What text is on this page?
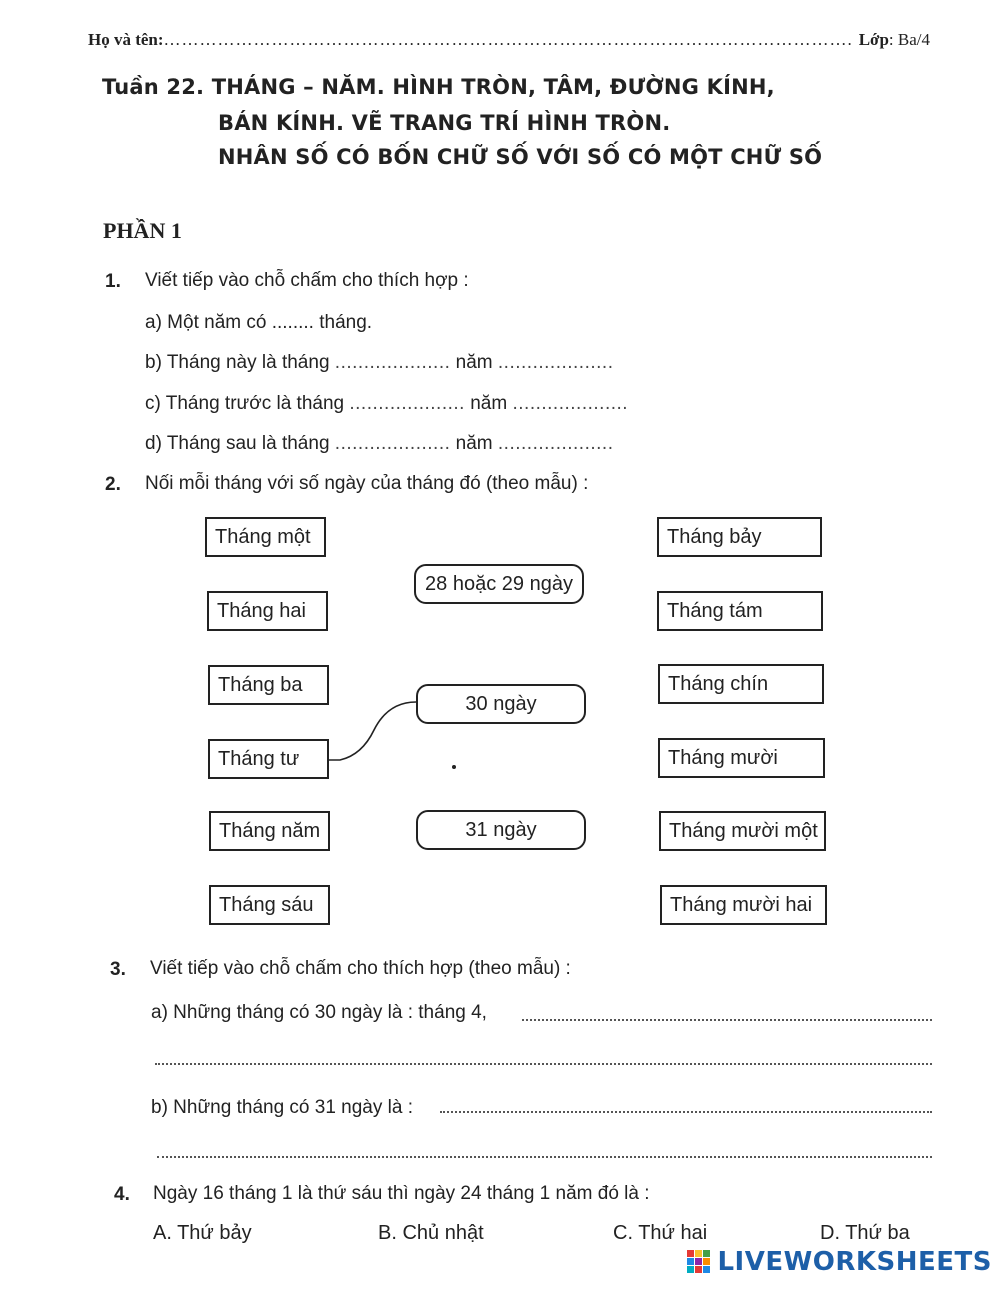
Họ và tên: ……………………………………………………………………………………………………. Lớp : Ba/4
Tuần 22. THÁNG – NĂM. HÌNH TRÒN, TÂM, ĐƯỜNG KÍNH,
BÁN KÍNH. VẼ TRANG TRÍ HÌNH TRÒN.
NHÂN SỐ CÓ BỐN CHỮ SỐ VỚI SỐ CÓ MỘT CHỮ SỐ
PHẦN 1
1. Viết tiếp vào chỗ chấm cho thích hợp :
a) Một năm có ........ tháng.
b) Tháng này là tháng .................... năm ....................
c) Tháng trước là tháng .................... năm ....................
d) Tháng sau là tháng .................... năm ....................
2. Nối mỗi tháng với số ngày của tháng đó (theo mẫu) :
Tháng một
Tháng hai
Tháng ba
Tháng tư
Tháng năm
Tháng sáu
28 hoặc 29 ngày
30 ngày
31 ngày
Tháng bảy
Tháng tám
Tháng chín
Tháng mười
Tháng mười một
Tháng mười hai
3. Viết tiếp vào chỗ chấm cho thích hợp (theo mẫu) :
a) Những tháng có 30 ngày là : tháng 4,
b) Những tháng có 31 ngày là :
4. Ngày 16 tháng 1 là thứ sáu thì ngày 24 tháng 1 năm đó là :
A. Thứ bảy	B. Chủ nhật	C. Thứ hai	D. Thứ ba
LIVEWORKSHEETS
